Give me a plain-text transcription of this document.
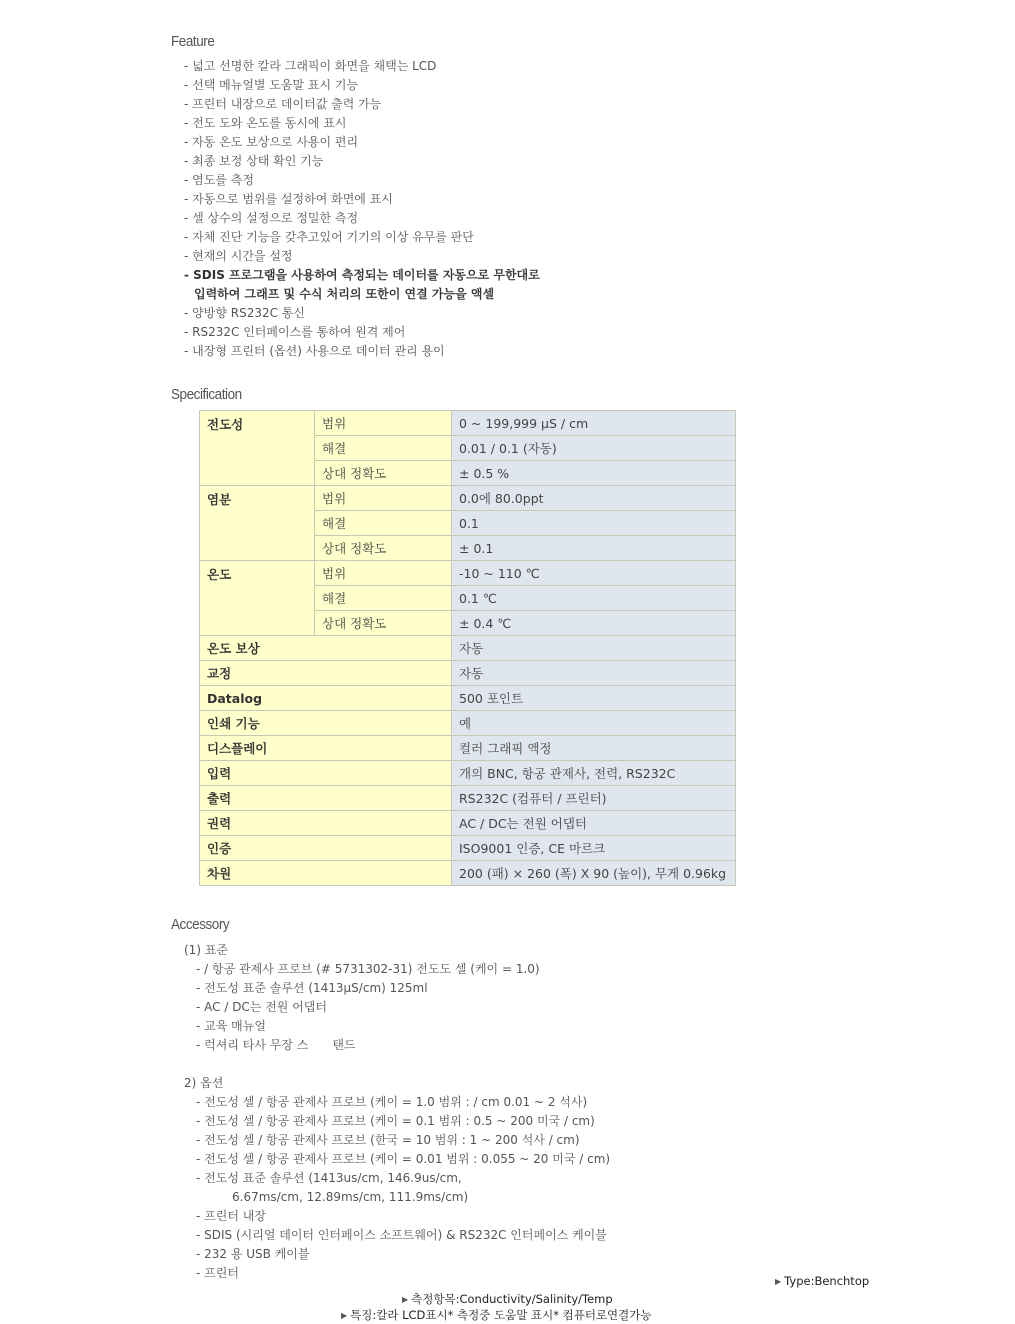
Feature
- 넓고 선명한 칼라 그래픽이 화면을 채택는 LCD
- 선택 메뉴얼별 도움말 표시 기능
- 프린터 내장으로 데이터값 출력 가능
- 전도 도와 온도를 동시에 표시
- 자동 온도 보상으로 사용이 편리
- 최종 보정 상태 확인 기능
- 염도를 측정
- 자동으로 범위를 설정하여 화면에 표시
- 셀 상수의 설정으로 정밀한 측정
- 자체 진단 기능을 갖추고있어 기기의 이상 유무를 판단
- 현재의 시간을 설정
- SDIS 프로그램을 사용하여 측정되는 데이터를 자동으로 무한대로
입력하여 그래프 및 수식 처리의 또한이 연결 가능을 액셀
- 양방향 RS232C 통신
- RS232C 인터페이스를 통하여 원격 제어
- 내장형 프린터 (옵션) 사용으로 데이터 관리 용이
Specification
전도성	범위	0 ~ 199,999 µS / cm
	해결	0.01 / 0.1 (자동)
	상대 정확도	± 0.5 %
염분	범위	0.0에 80.0ppt
	해결	0.1
	상대 정확도	± 0.1
온도	범위	-10 ~ 110 ℃
	해결	0.1 ℃
	상대 정확도	± 0.4 ℃
온도 보상		자동
교정		자동
Datalog		500 포인트
인쇄 기능		예
디스플레이		컬러 그래픽 액정
입력		개의 BNC, 항공 관제사, 전력, RS232C
출력		RS232C (컴퓨터 / 프린터)
권력		AC / DC는 전원 어댑터
인증		ISO9001 인증, CE 마르크
차원		200 (패) × 260 (폭) X 90 (높이), 무게 0.96kg
Accessory
(1) 표준
- / 항공 관제사 프로브 (# 5731302-31) 전도도 셀 (케이 = 1.0)
- 전도성 표준 솔루션 (1413µS/cm) 125ml
- AC / DC는 전원 어댑터
- 교육 매뉴얼
- 럭셔리 타사 무장 스　　탠드
2) 옵션
- 전도성 셀 / 항공 관제사 프로브 (케이 = 1.0 범위 : / cm 0.01 ~ 2 석사)
- 전도성 셀 / 항공 관제사 프로브 (케이 = 0.1 범위 : 0.5 ~ 200 미국 / cm)
- 전도성 셀 / 항공 관제사 프로브 (한국 = 10 범위 : 1 ~ 200 석사 / cm)
- 전도성 셀 / 항공 관제사 프로브 (케이 = 0.01 범위 : 0.055 ~ 20 미국 / cm)
- 전도성 표준 솔루션 (1413us/cm, 146.9us/cm,
6.67ms/cm, 12.89ms/cm, 111.9ms/cm)
- 프린터 내장
- SDIS (시리얼 데이터 인터페이스 소프트웨어) & RS232C 인터페이스 케이블
- 232 용 USB 케이블
- 프린터
▶ Type:Benchtop
▶ 측정항목:Conductivity/Salinity/Temp
▶ 특징:칼라 LCD표시* 측정중 도움말 표시* 컴퓨터로연결가능
